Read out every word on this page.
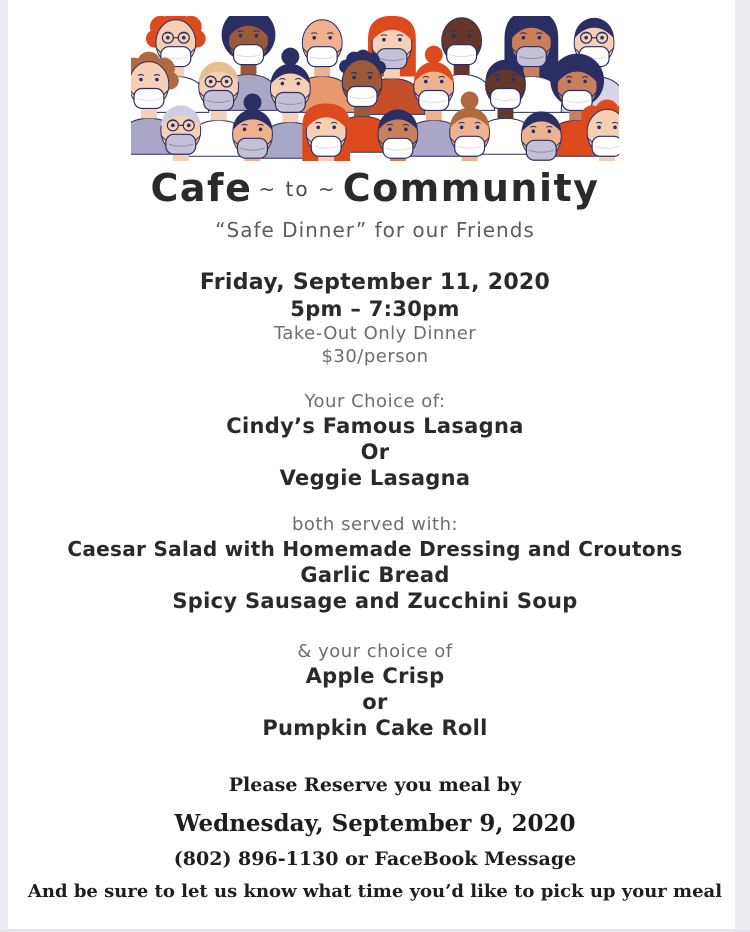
Cafe ~ to ~ Community
“Safe Dinner” for our Friends
Friday, September 11, 2020
5pm – 7:30pm
Take-Out Only Dinner
$30/person
Your Choice of:
Cindy’s Famous Lasagna
Or
Veggie Lasagna
both served with:
Caesar Salad with Homemade Dressing and Croutons
Garlic Bread
Spicy Sausage and Zucchini Soup
& your choice of
Apple Crisp
or
Pumpkin Cake Roll
Please Reserve you meal by
Wednesday, September 9, 2020
(802) 896-1130 or FaceBook Message
And be sure to let us know what time you’d like to pick up your meal
